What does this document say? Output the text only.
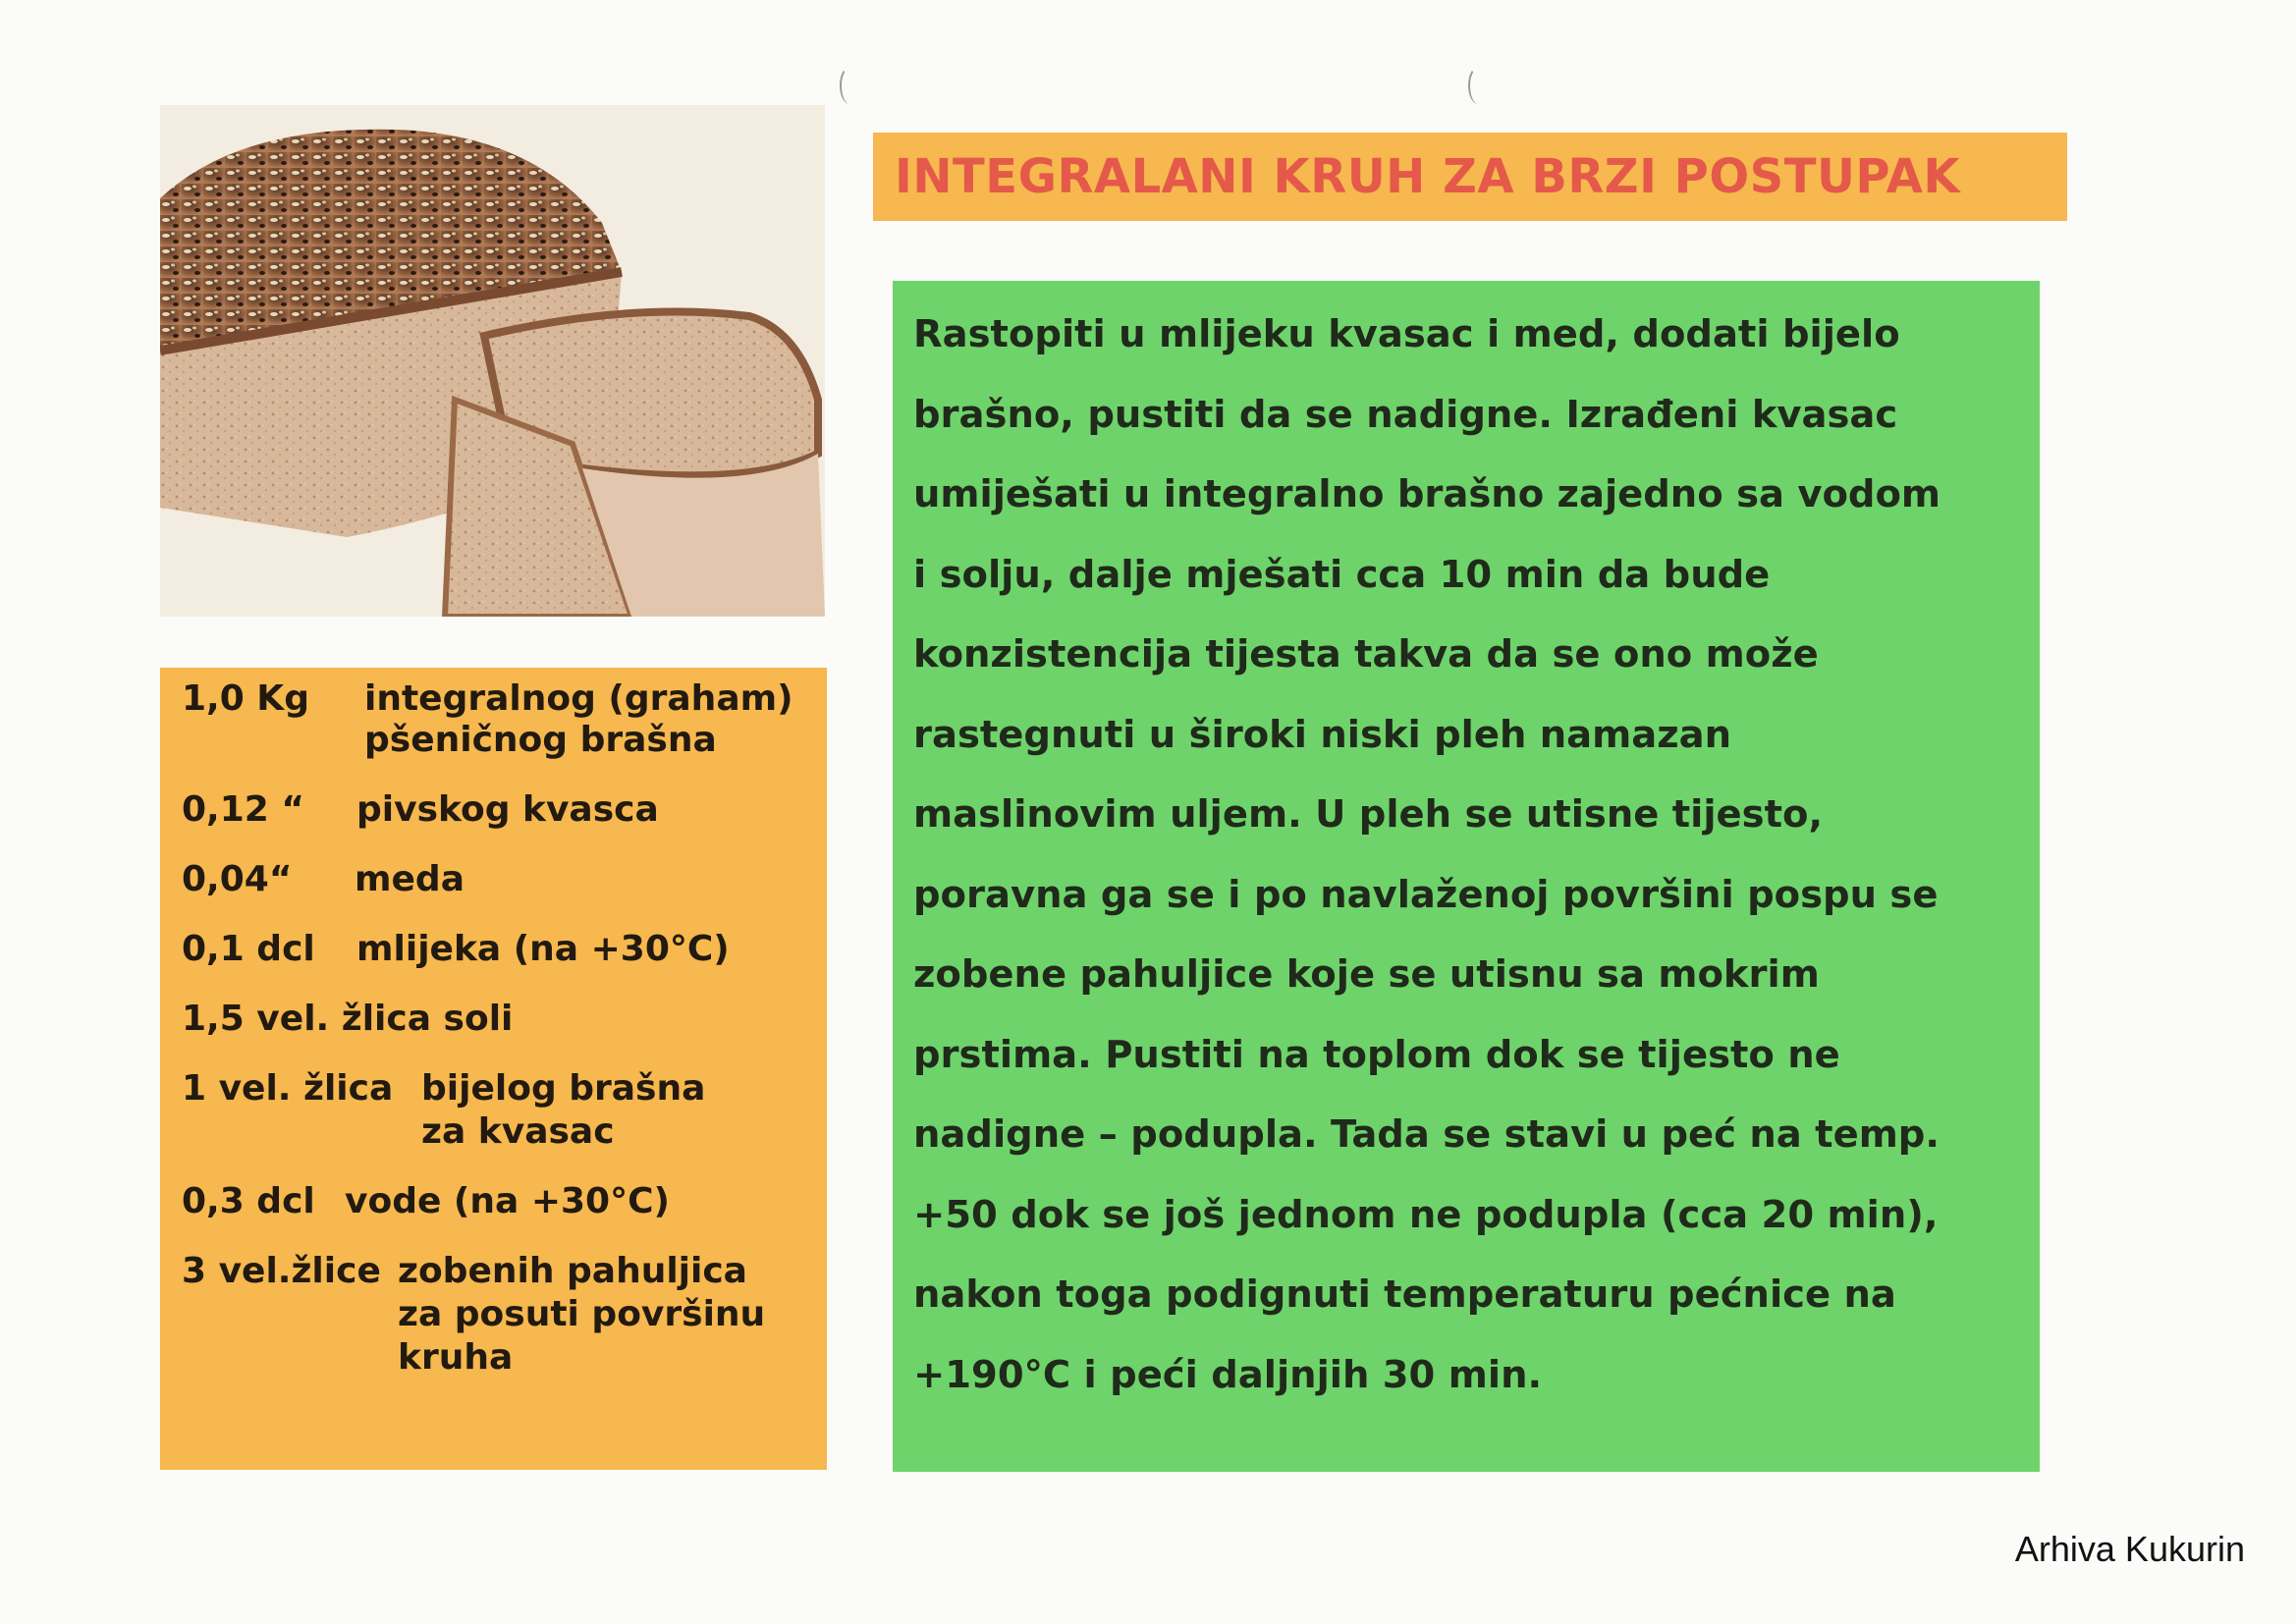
1,0 Kg integralnog (graham)
pšeničnog brašna
0,12 “ pivskog kvasca
0,04“ meda
0,1 dcl mlijeka (na +30°C)
1,5 vel. žlica soli
1 vel. žlica bijelog brašna
za kvasac
0,3 dcl vode (na +30°C)
3 vel.žlice zobenih pahuljica
za posuti površinu
kruha
INTEGRALANI KRUH ZA BRZI POSTUPAK
Rastopiti u mlijeku kvasac i med, dodati bijelo
brašno, pustiti da se nadigne. Izrađeni kvasac
umiješati u integralno brašno zajedno sa vodom
i solju, dalje mješati cca 10 min da bude
konzistencija tijesta takva da se ono može
rastegnuti u široki niski pleh namazan
maslinovim uljem. U pleh se utisne tijesto,
poravna ga se i po navlaženoj površini pospu se
zobene pahuljice koje se utisnu sa mokrim
prstima. Pustiti na toplom dok se tijesto ne
nadigne – podupla. Tada se stavi u peć na temp.
+50 dok se još jednom ne podupla (cca 20 min),
nakon toga podignuti temperaturu pećnice na
+190°C i peći daljnjih 30 min.
Arhiva Kukurin
